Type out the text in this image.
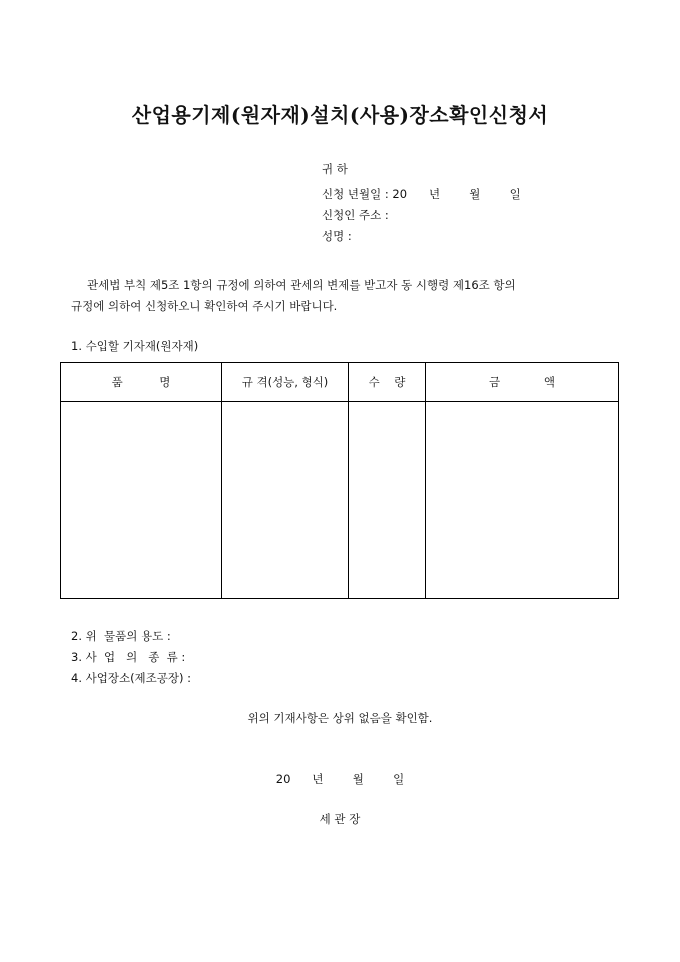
산업용기제(원자재)설치(사용)장소확인신청서
귀 하
신청 년월일 : 20      년        월        일
신청인 주소 :
성명 :
관세법 부칙 제5조 1항의 규정에 의하여 관세의 변제를 받고자 동 시행령 제16조 항의
규정에 의하여 신청하오니 확인하여 주시기 바랍니다.
1. 수입할 기자재(원자재)
품          명	규 격(성능, 형식)	수    량	금            액

2. 위  물품의 용도 :
3. 사  업   의   종  류 :
4. 사업장소(제조공장) :
위의 기재사항은 상위 없음을 확인함.
20      년        월        일
세 관 장
